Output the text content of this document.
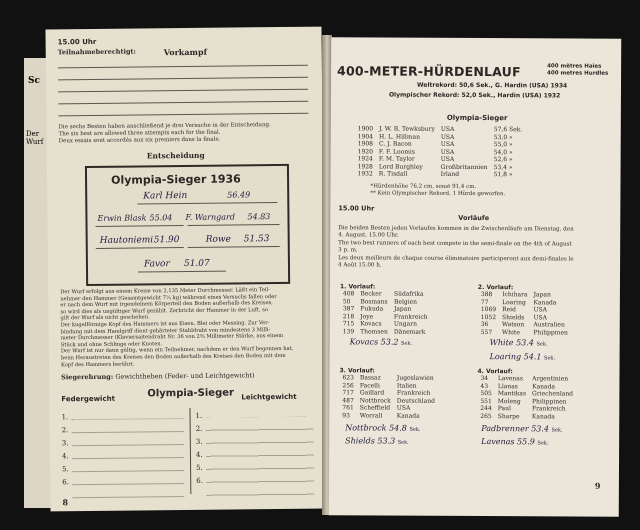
Sc
Der Wurf
15.00 Uhr
Teilnahmeberechtigt:	Vorkampf
Die sechs Besten haben anschließend je drei Versuche in der Entscheidung.
The six best are allowed three attempts each for the final.
Deux essais sont accordés aux six premiers dans la finale.
Entscheidung
Olympia-Sieger 1936
Karl Hein	56.49
Erwin Blask 55.04 F. Warngard 54.83
Hautoniemi 51.90	Rowe 51.53
Favor 51.07
Der Wurf erfolgt aus einem Kreise von 2,135 Meter Durchmesser. Läßt ein Teil-
nehmer den Hammer (Gesamtgewicht 7¼ kg) während eines Versuchs fallen oder
er nach dem Wurf mit irgendeinem Körperteil den Boden außerhalb des Kreises,
so wird dies als ungültiger Wurf gezählt. Zerbricht der Hammer in der Luft, so
gilt der Wurf als nicht geschehen.
Der kugelförmige Kopf des Hammers ist aus Eisen, Blei oder Messing. Zur Ver-
bindung mit dem Handgriff dient gehärteter Stahldraht von mindestens 3 Milli-
meter Durchmesser (Klaviersaitendraht Nr. 36 von 2⅜ Millimeter Stärke, aus einem
Stück und ohne Schlinge oder Knoten.
Der Wurf ist nur dann gültig, wenn ein Teilnehmer, nachdem er den Wurf begonnen hat,
beim Heraustreten des Kreises den Boden außerhalb des Kreises den Boden mit dem
Kopf des Hammers berührt.
Siegerehrung: Gewichtheben (Feder- und Leichtgewicht)
Federgewicht	Olympia-Sieger Leichtgewicht
1.
2.
3.
4.
5.
6.
1.
2.
3.
4.
5.
6.
8
400-METER-HÜRDENLAUF	400 mètres Haies
400 metres Hurdles
Weltrekord: 50,6 Sek., G. Hardin (USA) 1934
Olympischer Rekord: 52,0 Sek., Hardin (USA) 1932
Olympia-Sieger
1900	J. W. B. Tewksbury	USA	57,6 Sek.
1904	H. L. Hillman	USA	53,0 »
1908	C. J. Bacon	USA	55,0 »
1920	F. F. Loomis	USA	54,0 »
1924	F. M. Taylor	USA	52,6 »
1928	Lord Burghley	Großbritannien	53,4 »
1932	R. Tisdall	Irland	51,8 »
*Hürdenhöhe 76,2 cm, sonst 91,4 cm.
** Kein Olympischer Rekord, 1 Hürde geworfen.
15.00 Uhr
Vorläufe
Die beiden Besten jeden Vorlaufes kommen in die Zwischenläufe am Dienstag, den
4. August, 15.00 Uhr.
The two best runners of each best compete in the semi-finale on the 4th of August
3 p. m.
Les deux meilleurs de chaque course éliminatoire participeront aux demi-finales le
4 Août 15.00 h.
1. Vorlauf:
408	Becker	Südafrika
50	Bosmans	Belgien
387	Fukuda	Japan
218	Joye	Frankreich
715	Kovacs	Ungarn
139	Thomsen	Dänemark
2. Vorlauf:
388	Ichihara	Japan
77	Loaring	Kanada
1069	Reid	USA
1052	Shields	USA
36	Watson	Australien
557	White	Philippinen
Kovacs 53.2 Sek.	White 53.4 Sek.
Loaring 54.1 Sek.
3. Vorlauf:
623	Bassaz	Jugoslawien
256	Facelli	Italien
717	Gaillard	Frankreich
487	Nottbrock	Deutschland
761	Scheffield	USA
93	Worrall	Kanada
4. Vorlauf:
34	Lavenas	Argentinien
43	Llanas	Kanada
505	Mantikas	Griechenland
551	Moleng	Philippinen
244	Paul	Frankreich
265	Sharpe	Kanada
Nottbrock 54.8 Sek.
Shields 53.3 Sek.
Padbrenner 53.4 Sek.
Lavenas 55.9 Sek.
9
